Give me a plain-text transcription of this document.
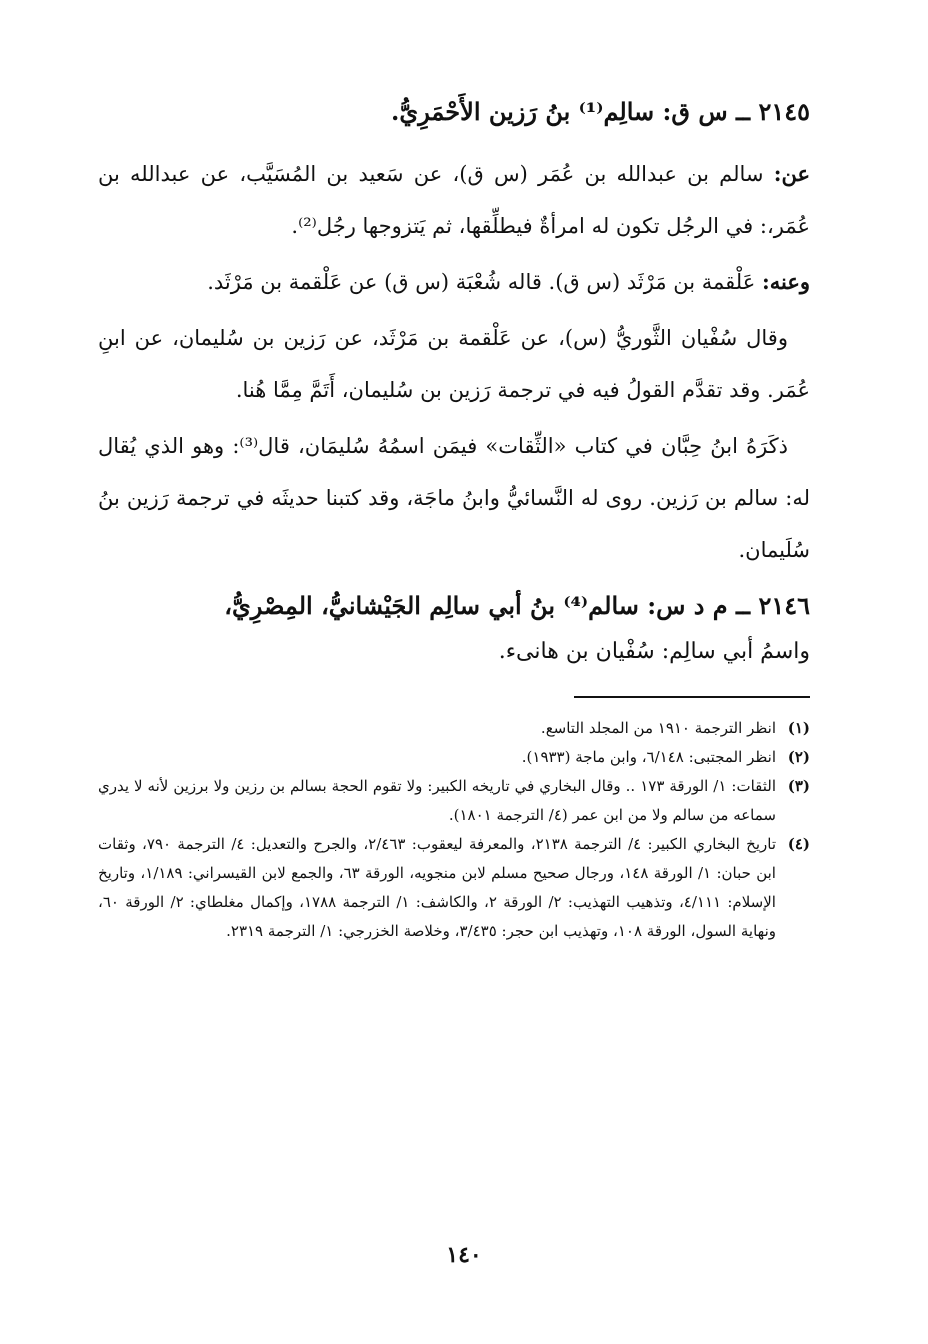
٢١٤٥ ــ س ق: سالِم⁽¹⁾ بنُ رَزين الأَحْمَرِيُّ.
عن: سالم بن عبدالله بن عُمَر (س ق)، عن سَعيد بن المُسَيَّب، عن عبدالله بن عُمَر،: في الرجُل تكون له امرأةٌ فيطلِّقها، ثم يَتزوجها رجُل⁽²⁾.
وعنه: عَلْقمة بن مَرْثَد (س ق). قاله شُعْبَة (س ق) عن عَلْقمة بن مَرْثَد.
وقال سُفْيان الثَّوريُّ (س)، عن عَلْقمة بن مَرْثَد، عن رَزين بن سُليمان، عن ابنِ عُمَر. وقد تقدَّم القولُ فيه في ترجمة رَزين بن سُليمان، أَتَمَّ مِمَّا هُنا.
ذكَرَهُ ابنُ حِبَّان في كتاب «الثِّقات» فيمَن اسمُهُ سُليمَان، قال⁽³⁾: وهو الذي يُقال له: سالم بن رَزين. روى له النَّسائيُّ وابنُ ماجَة، وقد كتبنا حديثَه في ترجمة رَزين بنُ سُلَيمان.
٢١٤٦ ــ م د س: سالم⁽⁴⁾ بنُ أبي سالِم الجَيْشانيُّ، المِصْرِيُّ،
واسمُ أبي سالِم: سُفْيان بن هانىء.
(١)
انظر الترجمة ١٩١٠ من المجلد التاسع.
(٢)
انظر المجتبى: ٦/١٤٨، وابن ماجة (١٩٣٣).
(٣)
الثقات: ١/ الورقة ١٧٣ .. وقال البخاري في تاريخه الكبير: ولا تقوم الحجة بسالم بن رزين ولا برزين لأنه لا يدري سماعه من سالم ولا من ابن عمر (٤/ الترجمة ١٨٠١).
(٤)
تاريخ البخاري الكبير: ٤/ الترجمة ٢١٣٨، والمعرفة ليعقوب: ٢/٤٦٣، والجرح والتعديل: ٤/ الترجمة ٧٩٠، وثقات ابن حبان: ١/ الورقة ١٤٨، ورجال صحيح مسلم لابن منجويه، الورقة ٦٣، والجمع لابن القيسراني: ١/١٨٩، وتاريخ الإسلام: ٤/١١١، وتذهيب التهذيب: ٢/ الورقة ٢، والكاشف: ١/ الترجمة ١٧٨٨، وإكمال مغلطاي: ٢/ الورقة ٦٠، ونهاية السول، الورقة ١٠٨، وتهذيب ابن حجر: ٣/٤٣٥، وخلاصة الخزرجي: ١/ الترجمة ٢٣١٩.
١٤٠
